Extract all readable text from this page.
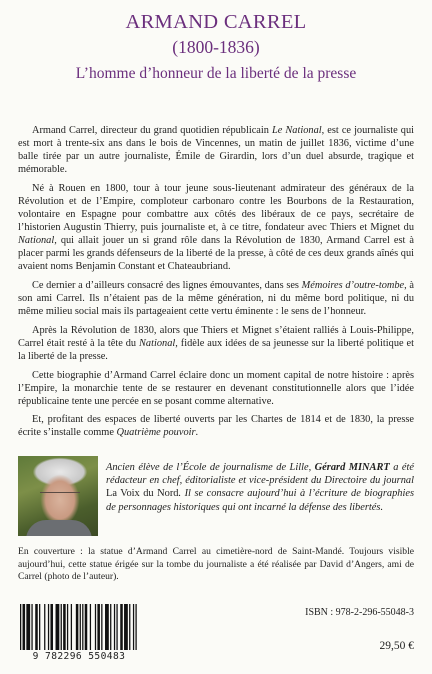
ARMAND CARREL
(1800-1836)
L’homme d’honneur de la liberté de la presse

Armand Carrel, directeur du grand quotidien républicain Le National, est ce journaliste qui est mort à trente-six ans dans le bois de Vincennes, un matin de juillet 1836, victime d’une balle tirée par un autre journaliste, Émile de Girardin, lors d’un duel absurde, tragique et mémorable.

Né à Rouen en 1800, tour à tour jeune sous-lieutenant admirateur des généraux de la Révolution et de l’Empire, comploteur carbonaro contre les Bourbons de la Restauration, volontaire en Espagne pour combattre aux côtés des libéraux de ce pays, secrétaire de l’historien Augustin Thierry, puis journaliste et, à ce titre, fondateur avec Thiers et Mignet du National, qui allait jouer un si grand rôle dans la Révolution de 1830, Armand Carrel est à placer parmi les grands défenseurs de la liberté de la presse, à côté de ces deux grands aînés qui avaient noms Benjamin Constant et Chateaubriand.

Ce dernier a d’ailleurs consacré des lignes émouvantes, dans ses Mémoires d’outre-tombe, à son ami Carrel. Ils n’étaient pas de la même génération, ni du même bord politique, ni du même milieu social mais ils partageaient cette vertu éminente : le sens de l’honneur.

Après la Révolution de 1830, alors que Thiers et Mignet s’étaient ralliés à Louis-Philippe, Carrel était resté à la tête du National, fidèle aux idées de sa jeunesse sur la liberté politique et la liberté de la presse.

Cette biographie d’Armand Carrel éclaire donc un moment capital de notre histoire : après l’Empire, la monarchie tente de se restaurer en devenant constitutionnelle alors que l’idée républicaine tente une percée en se posant comme alternative.

Et, profitant des espaces de liberté ouverts par les Chartes de 1814 et de 1830, la presse écrite s’installe comme Quatrième pouvoir.

Ancien élève de l’École de journalisme de Lille, Gérard MINART a été rédacteur en chef, éditorialiste et vice-président du Directoire du journal La Voix du Nord. Il se consacre aujourd’hui à l’écriture de biographies de personnages historiques qui ont incarné la défense des libertés.
En couverture : la statue d’Armand Carrel au cimetière-nord de Saint-Mandé. Toujours visible aujourd’hui, cette statue érigée sur la tombe du journaliste a été réalisée par David d’Angers, ami de Carrel (photo de l’auteur).
9 782296 550483
ISBN : 978-2-296-55048-3
29,50 €
